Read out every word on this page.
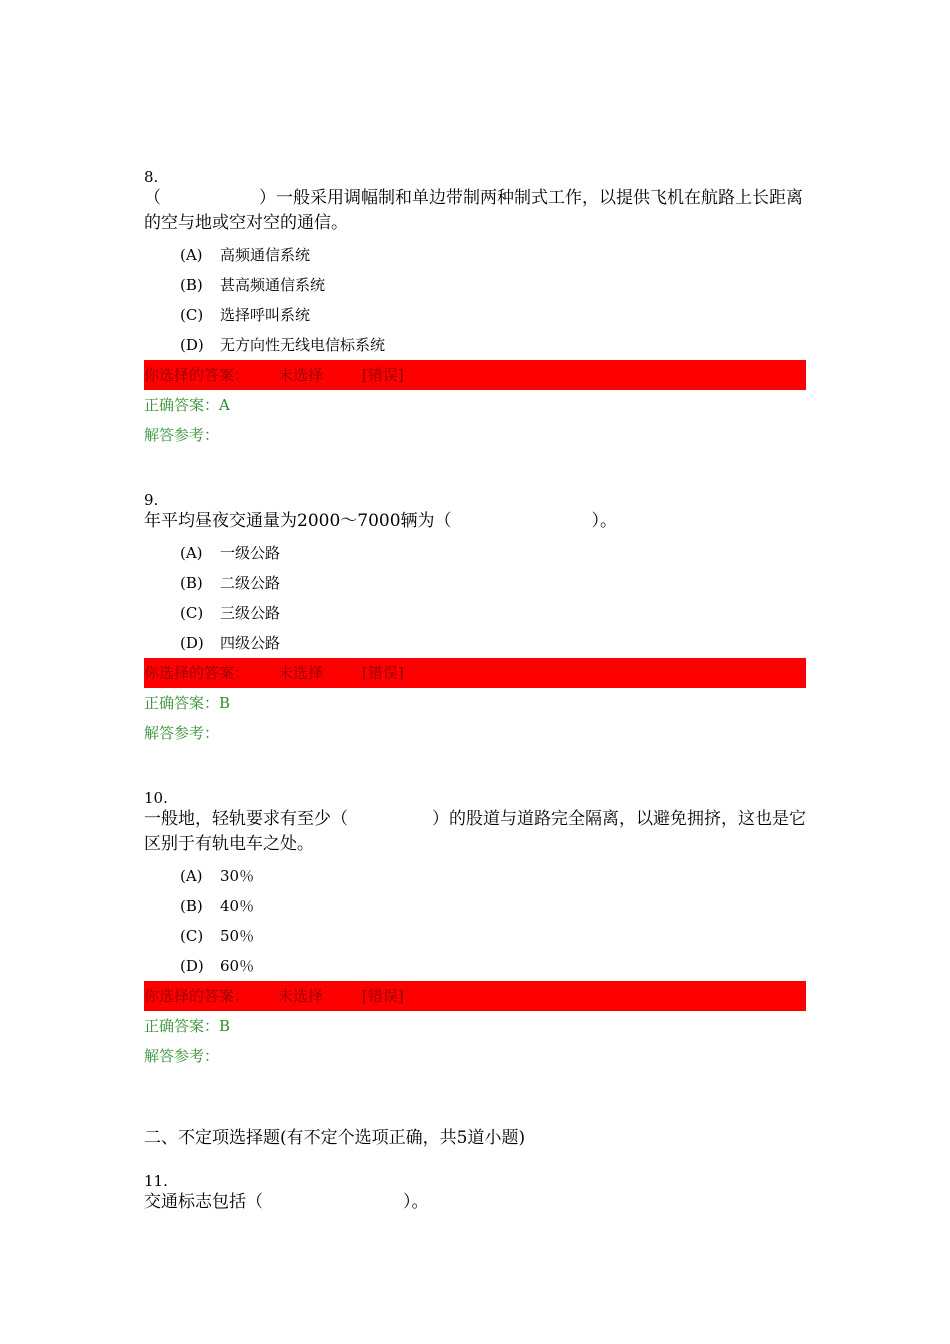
8.

（	）一般采用调幅制和单边带制两种制式工作，以提供飞机在航路上长距离的空与地或空对空的通信。

(A) 高频通信系统
(B) 甚高频通信系统
(C) 选择呼叫系统
(D) 无方向性无线电信标系统
你选择的答案： 未选择	[错误]
正确答案：A
解答参考：
9.

年平均昼夜交通量为2000～7000辆为（	）。

(A) 一级公路
(B) 二级公路
(C) 三级公路
(D) 四级公路
你选择的答案： 未选择	[错误]
正确答案：B
解答参考：
10.

一般地，轻轨要求有至少（	）的股道与道路完全隔离，以避免拥挤，这也是它区别于有轨电车之处。

(A) 30％
(B) 40％
(C) 50％
(D) 60％
你选择的答案： 未选择	[错误]
正确答案：B
解答参考：
二、不定项选择题(有不定个选项正确，共5道小题)
11.

交通标志包括（	）。
